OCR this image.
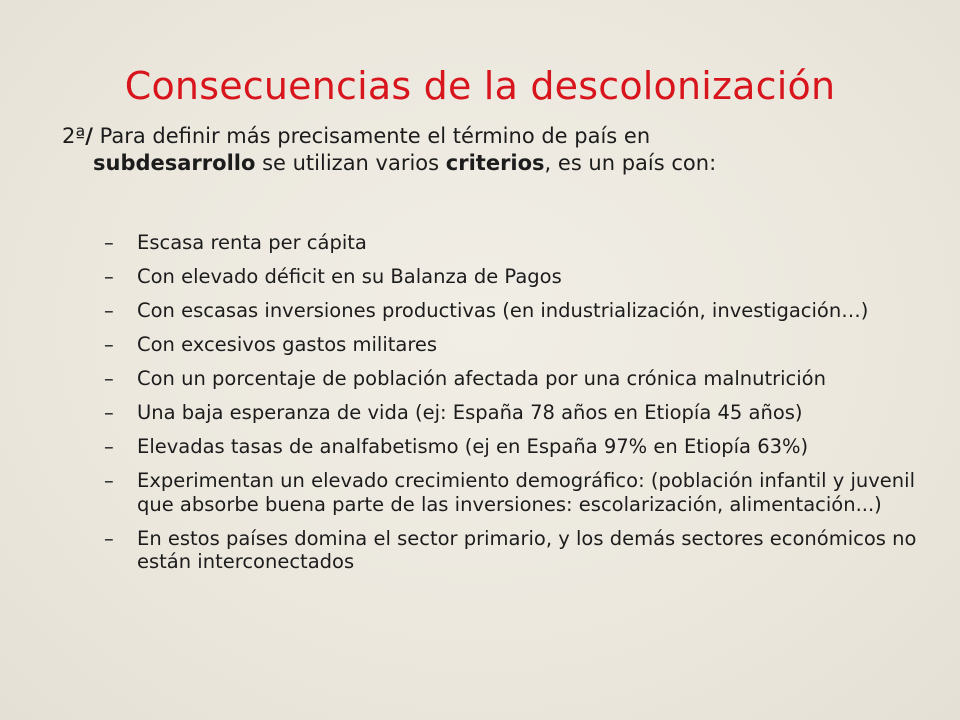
Consecuencias de la descolonización
2ª/ Para definir más precisamente el término de país en
subdesarrollo se utilizan varios criterios, es un país con:
– Escasa renta per cápita
– Con elevado déficit en su Balanza de Pagos
– Con escasas inversiones productivas (en industrialización, investigación…)
– Con excesivos gastos militares
– Con un porcentaje de población afectada por una crónica malnutrición
– Una baja esperanza de vida (ej: España 78 años en Etiopía 45 años)
– Elevadas tasas de analfabetismo (ej en España 97% en Etiopía 63%)
– Experimentan un elevado crecimiento demográfico: (población infantil y juvenil que absorbe buena parte de las inversiones: escolarización, alimentación...)
– En estos países domina el sector primario, y los demás sectores económicos no están interconectados
